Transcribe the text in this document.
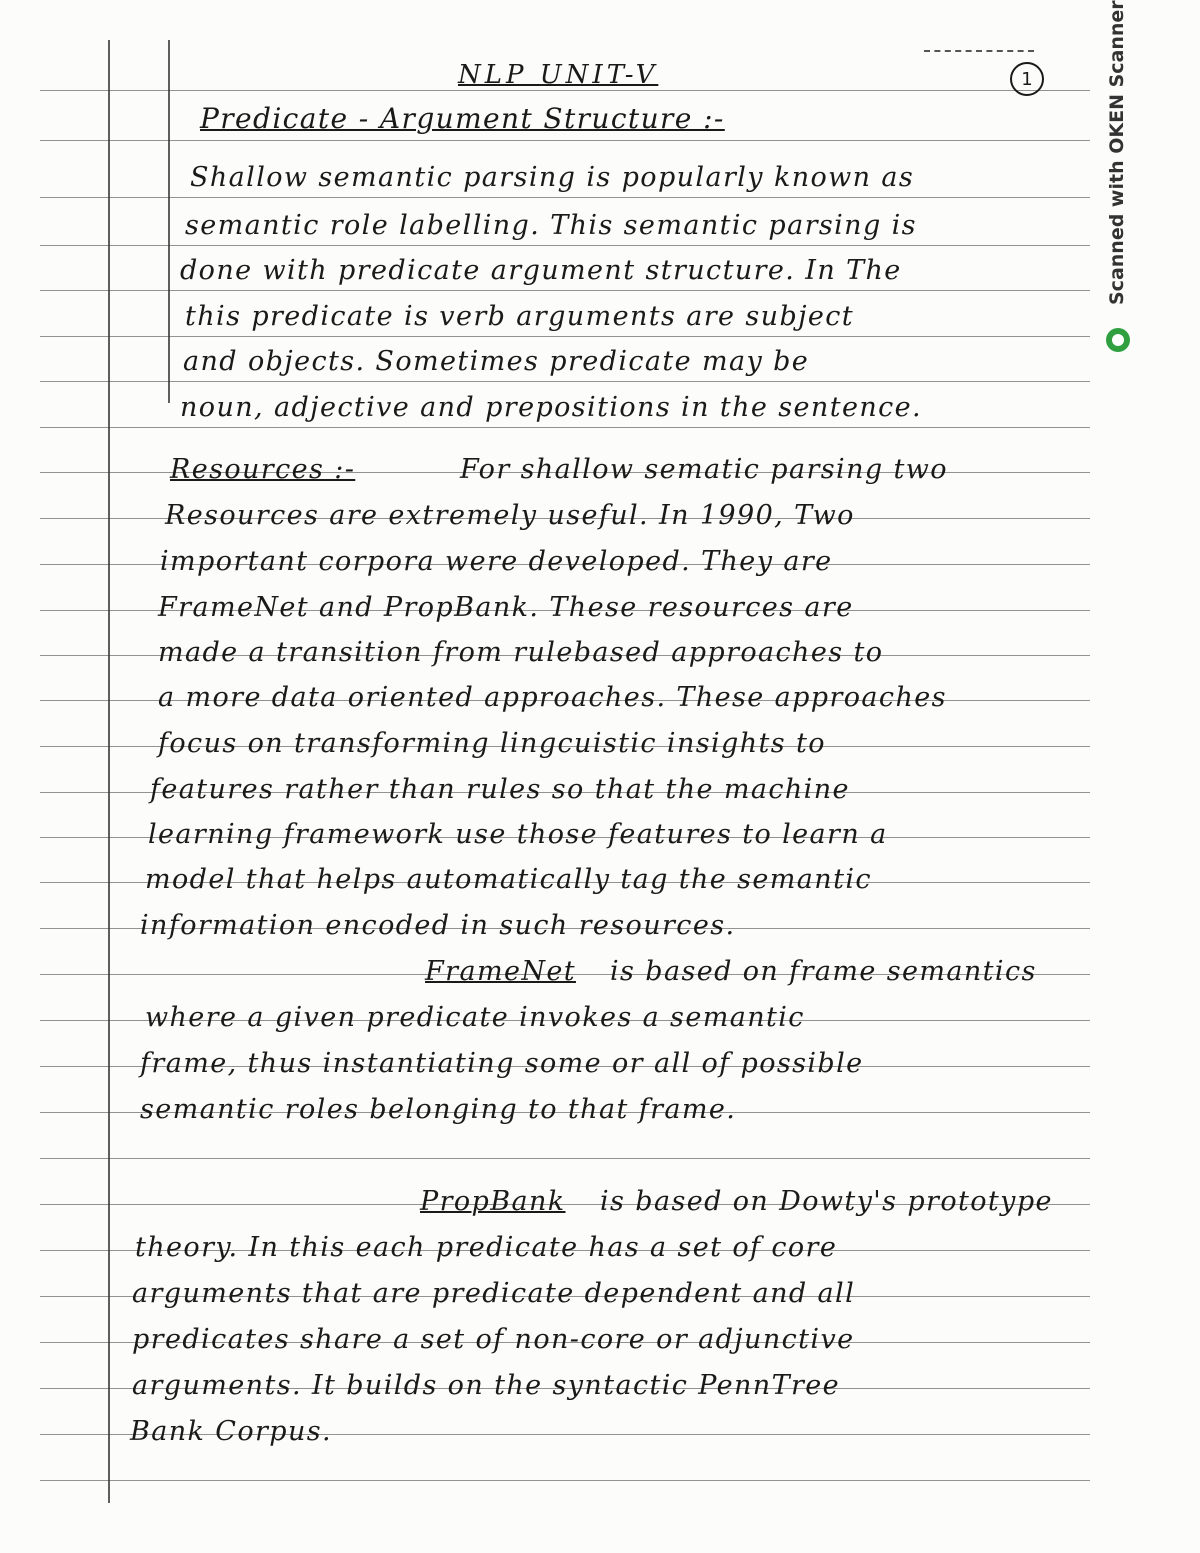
NLP UNIT-V	1
Predicate - Argument Structure :-
Shallow semantic parsing is popularly known as
semantic role labelling. This semantic parsing is
done with predicate argument structure. In The
this predicate is verb arguments are subject
and objects. Sometimes predicate may be
noun, adjective and prepositions in the sentence.
Resources :-	For shallow sematic parsing two
Resources are extremely useful. In 1990, Two
important corpora were developed. They are
FrameNet and PropBank. These resources are
made a transition from rulebased approaches to
a more data oriented approaches. These approaches
focus on transforming lingcuistic insights to
features rather than rules so that the machine
learning framework use those features to learn a
model that helps automatically tag the semantic
information encoded in such resources.
FrameNet is based on frame semantics
where a given predicate invokes a semantic
frame, thus instantiating some or all of possible
semantic roles belonging to that frame.
PropBank is based on Dowty's prototype
theory. In this each predicate has a set of core
arguments that are predicate dependent and all
predicates share a set of non-core or adjunctive
arguments. It builds on the syntactic PennTree
Bank Corpus.
Scanned with OKEN Scanner
